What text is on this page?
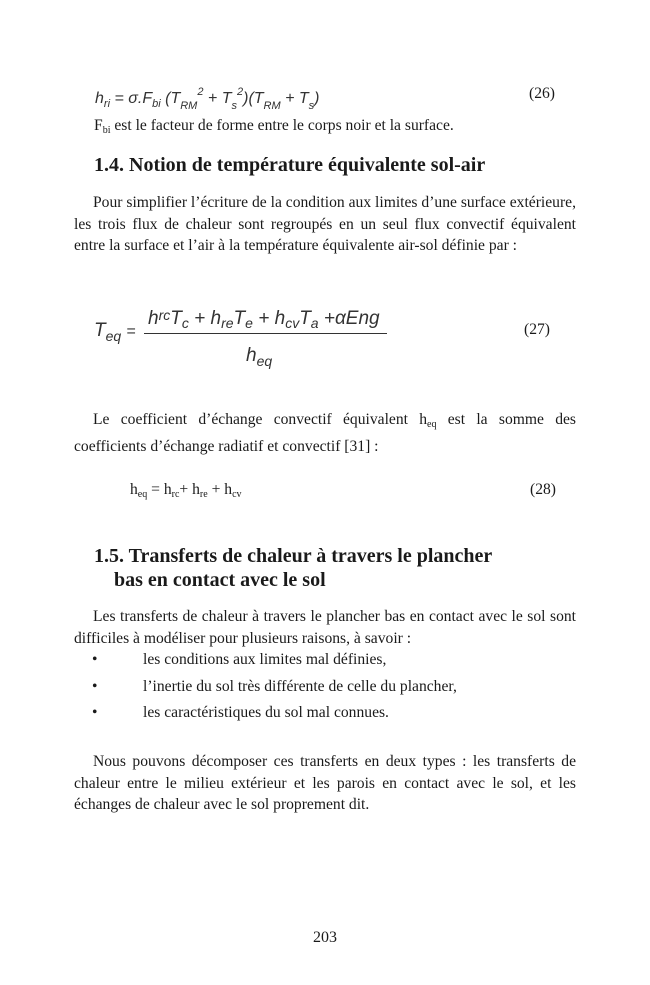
$h_{ri} = \sigma.F_{bi}$ $(T_{RM}^2 + T_s^2)(T_{RM} + T_s)$	(26)
$F_{bi}$ est le facteur de forme entre le corps noir et la surface.
1.4. Notion de température équivalente sol-air
Pour simplifier l’écriture de la condition aux limites d’une surface extérieure, les trois flux de chaleur sont regroupés en un seul flux convectif équivalent entre la surface et l’air à la température équivalente air-sol définie par :
$T_{eq}$ =
$h_{rc}T_c + h_{re}T_e + h_{cv}T_a +\alpha Eng$
$h_{eq}$
(27)
Le coefficient d’échange convectif équivalent $h_{eq}$ est la somme des coefficients d’échange radiatif et convectif [31] :
$h_{eq} = h_{rc}+ h_{re} + h_{cv}$	(28)
1.5. Transferts de chaleur à travers le plancher
bas en contact avec le sol
Les transferts de chaleur à travers le plancher bas en contact avec le sol sont difficiles à modéliser pour plusieurs raisons, à savoir :
•	les conditions aux limites mal définies,
•	l’inertie du sol très différente de celle du plancher,
•	les caractéristiques du sol mal connues.
Nous pouvons décomposer ces transferts en deux types : les transferts de chaleur entre le milieu extérieur et les parois en contact avec le sol, et les échanges de chaleur avec le sol proprement dit.
203
